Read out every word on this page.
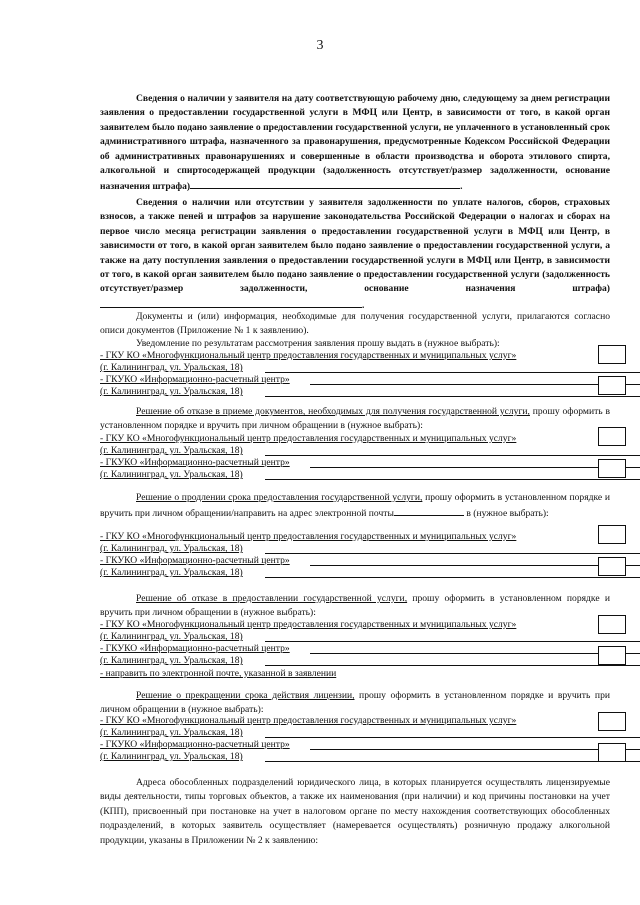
3
Сведения о наличии у заявителя на дату соответствующую рабочему дню, следующему за днем регистрации заявления о предоставлении государственной услуги в МФЦ или Центр, в зависимости от того, в какой орган заявителем было подано заявление о предоставлении государственной услуги, не уплаченного в установленный срок административного штрафа, назначенного за правонарушения, предусмотренные Кодексом Российской Федерации об административных правонарушениях и совершенные в области производства и оборота этилового спирта, алкогольной и спиртосодержащей продукции (задолженность отсутствует/размер задолженности, основание назначения штрафа)	.
Сведения о наличии или отсутствии у заявителя задолженности по уплате налогов, сборов, страховых взносов, а также пеней и штрафов за нарушение законодательства Российской Федерации о налогах и сборах на первое число месяца регистрации заявления о предоставлении государственной услуги в МФЦ или Центр, в зависимости от того, в какой орган заявителем было подано заявление о предоставлении государственной услуги, а также на дату поступления заявления о предоставлении государственной услуги в МФЦ или Центр, в зависимости от того, в какой орган заявителем было подано заявление о предоставлении государственной услуги (задолженность отсутствует/размер задолженности, основание назначения штрафа).
Документы и (или) информация, необходимые для получения государственной услуги, прилагаются согласно описи документов (Приложение № 1 к заявлению).
Уведомление по результатам рассмотрения заявления прошу выдать в (нужное выбрать):
- ГКУ КО «Многофункциональный центр предоставления государственных и муниципальных услуг»
(г. Калининград, ул. Уральская, 18)
- ГКУКО «Информационно-расчетный центр»
(г. Калининград, ул. Уральская, 18)
Решение об отказе в приеме документов, необходимых для получения государственной услуги, прошу оформить в установленном порядке и вручить при личном обращении в (нужное выбрать):
- ГКУ КО «Многофункциональный центр предоставления государственных и муниципальных услуг»
(г. Калининград, ул. Уральская, 18)
- ГКУКО «Информационно-расчетный центр»
(г. Калининград, ул. Уральская, 18)
Решение о продлении срока предоставления государственной услуги, прошу оформить в установленном порядке и вручить при личном обращении/направить на адрес электронной почты	в (нужное выбрать):
- ГКУ КО «Многофункциональный центр предоставления государственных и муниципальных услуг»
(г. Калининград, ул. Уральская, 18)
- ГКУКО «Информационно-расчетный центр»
(г. Калининград, ул. Уральская, 18)
Решение об отказе в предоставлении государственной услуги, прошу оформить в установленном порядке и вручить при личном обращении в (нужное выбрать):
- ГКУ КО «Многофункциональный центр предоставления государственных и муниципальных услуг»
(г. Калининград, ул. Уральская, 18)
- ГКУКО «Информационно-расчетный центр»
(г. Калининград, ул. Уральская, 18)
- направить по электронной почте, указанной в заявлении
Решение о прекращении срока действия лицензии, прошу оформить в установленном порядке и вручить при личном обращении в (нужное выбрать):
- ГКУ КО «Многофункциональный центр предоставления государственных и муниципальных услуг»
(г. Калининград, ул. Уральская, 18)
- ГКУКО «Информационно-расчетный центр»
(г. Калининград, ул. Уральская, 18)
Адреса обособленных подразделений юридического лица, в которых планируется осуществлять лицензируемые виды деятельности, типы торговых объектов, а также их наименования (при наличии) и код причины постановки на учет (КПП), присвоенный при постановке на учет в налоговом органе по месту нахождения соответствующих обособленных подразделений, в которых заявитель осуществляет (намеревается осуществлять) розничную продажу алкогольной продукции, указаны в Приложении № 2 к заявлению:
